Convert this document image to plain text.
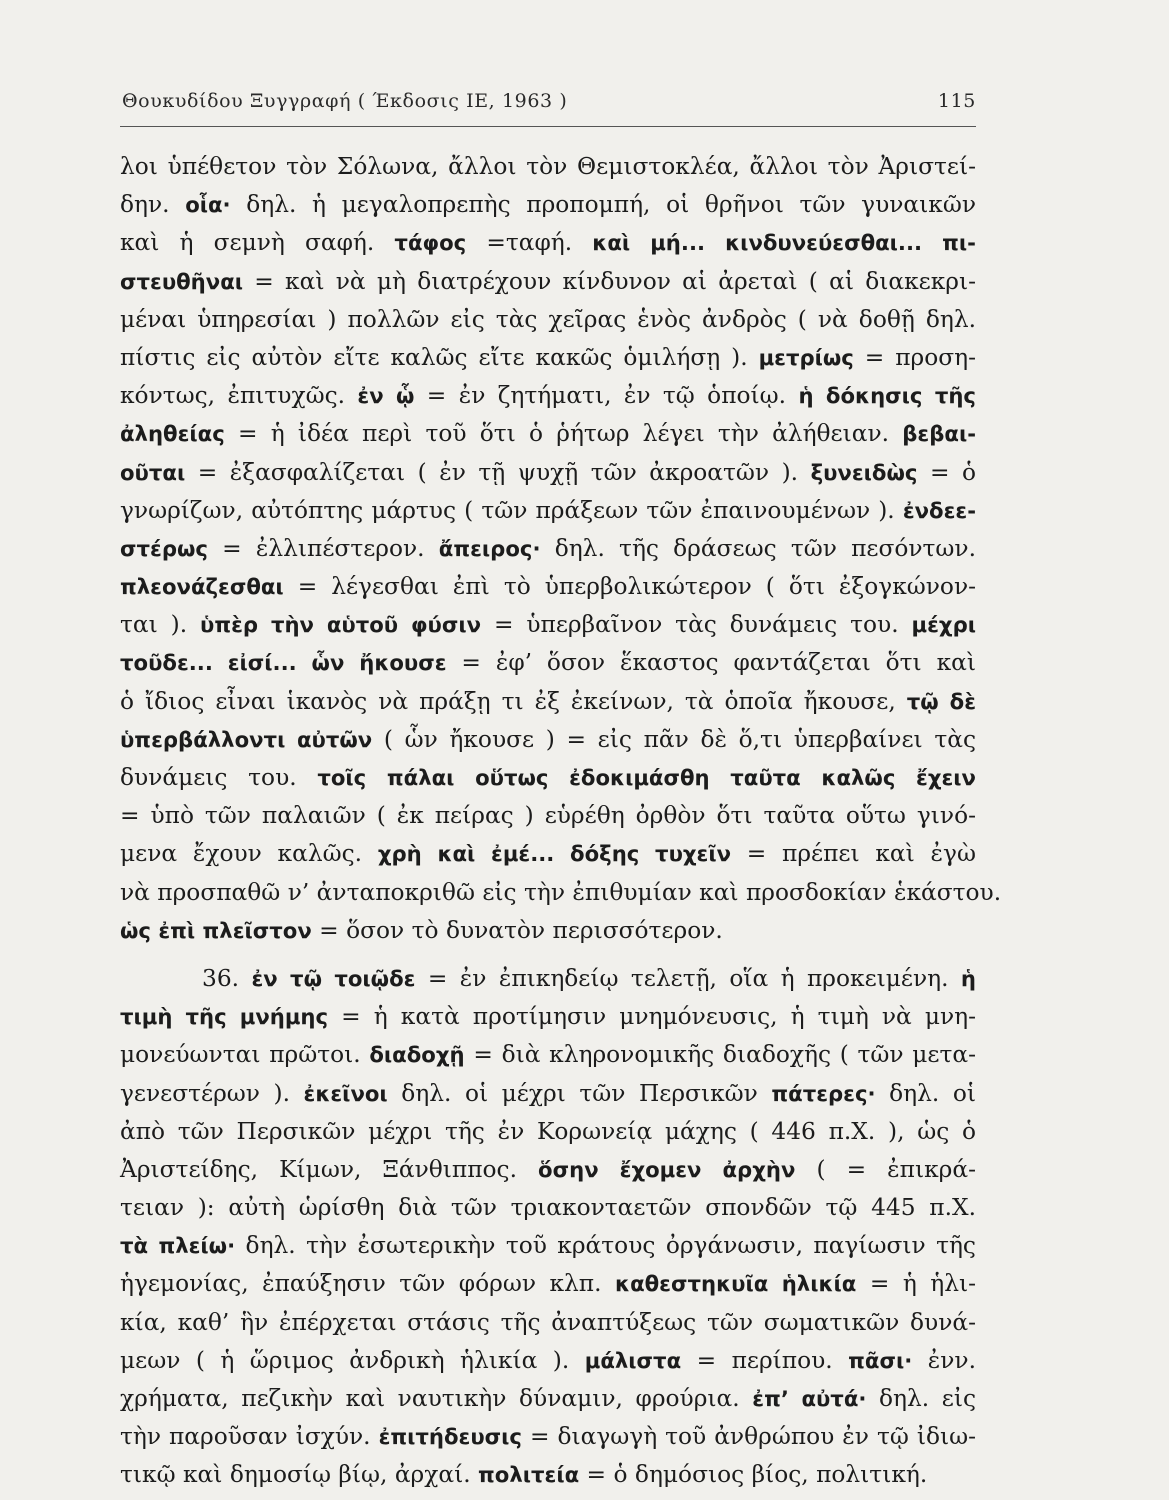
Θουκυδίδου Ξυγγραφή ( Έκδοσις ΙΕ, 1963 )	115
λοι ὑπέθετον τὸν Σόλωνα, ἄλλοι τὸν Θεμιστοκλέα, ἄλλοι τὸν Ἀριστεί-
δην. οἷα· δηλ. ἡ μεγαλοπρεπὴς προπομπή, οἱ θρῆνοι τῶν γυναικῶν
καὶ ἡ σεμνὴ σαφή. τάφος =ταφή. καὶ μή... κινδυνεύεσθαι... πι-
στευθῆναι = καὶ νὰ μὴ διατρέχουν κίνδυνον αἱ ἀρεταὶ ( αἱ διακεκρι-
μέναι ὑπηρεσίαι ) πολλῶν εἰς τὰς χεῖρας ἑνὸς ἀνδρὸς ( νὰ δοθῇ δηλ.
πίστις εἰς αὐτὸν εἴτε καλῶς εἴτε κακῶς ὁμιλήσῃ ). μετρίως = προση-
κόντως, ἐπιτυχῶς. ἐν ᾧ = ἐν ζητήματι, ἐν τῷ ὁποίῳ. ἡ δόκησις τῆς
ἀληθείας = ἡ ἰδέα περὶ τοῦ ὅτι ὁ ῥήτωρ λέγει τὴν ἀλήθειαν. βεβαι-
οῦται = ἐξασφαλίζεται ( ἐν τῇ ψυχῇ τῶν ἀκροατῶν ). ξυνειδὼς = ὁ
γνωρίζων, αὐτόπτης μάρτυς ( τῶν πράξεων τῶν ἐπαινουμένων ). ἐνδεε-
στέρως = ἐλλιπέστερον. ἄπειρος· δηλ. τῆς δράσεως τῶν πεσόντων.
πλεονάζεσθαι = λέγεσθαι ἐπὶ τὸ ὑπερβολικώτερον ( ὅτι ἐξογκώνον-
ται ). ὑπὲρ τὴν αὑτοῦ φύσιν = ὑπερβαῖνον τὰς δυνάμεις του. μέχρι
τοῦδε... εἰσί... ὧν ἤκουσε = ἐφ’ ὅσον ἕκαστος φαντάζεται ὅτι καὶ
ὁ ἴδιος εἶναι ἱκανὸς νὰ πράξῃ τι ἐξ ἐκείνων, τὰ ὁποῖα ἤκουσε, τῷ δὲ
ὑπερβάλλοντι αὐτῶν ( ὧν ἤκουσε ) = εἰς πᾶν δὲ ὅ,τι ὑπερβαίνει τὰς
δυνάμεις του. τοῖς πάλαι οὕτως ἐδοκιμάσθη ταῦτα καλῶς ἔχειν
= ὑπὸ τῶν παλαιῶν ( ἐκ πείρας ) εὑρέθη ὀρθὸν ὅτι ταῦτα οὕτω γινό-
μενα ἔχουν καλῶς. χρὴ καὶ ἐμέ... δόξης τυχεῖν = πρέπει καὶ ἐγὼ
νὰ προσπαθῶ ν’ ἀνταποκριθῶ εἰς τὴν ἐπιθυμίαν καὶ προσδοκίαν ἑκάστου.
ὡς ἐπὶ πλεῖστον = ὅσον τὸ δυνατὸν περισσότερον.
36. ἐν τῷ τοιῷδε = ἐν ἐπικηδείῳ τελετῇ, οἵα ἡ προκειμένη. ἡ
τιμὴ τῆς μνήμης = ἡ κατὰ προτίμησιν μνημόνευσις, ἡ τιμὴ νὰ μνη-
μονεύωνται πρῶτοι. διαδοχῇ = διὰ κληρονομικῆς διαδοχῆς ( τῶν μετα-
γενεστέρων ). ἐκεῖνοι δηλ. οἱ μέχρι τῶν Περσικῶν πάτερες· δηλ. οἱ
ἀπὸ τῶν Περσικῶν μέχρι τῆς ἐν Κορωνείᾳ μάχης ( 446 π.Χ. ), ὡς ὁ
Ἀριστείδης, Κίμων, Ξάνθιππος. ὅσην ἔχομεν ἀρχὴν ( = ἐπικρά-
τειαν ): αὐτὴ ὡρίσθη διὰ τῶν τριακονταετῶν σπονδῶν τῷ 445 π.Χ.
τὰ πλείω· δηλ. τὴν ἐσωτερικὴν τοῦ κράτους ὀργάνωσιν, παγίωσιν τῆς
ἡγεμονίας, ἐπαύξησιν τῶν φόρων κλπ. καθεστηκυῖα ἡλικία = ἡ ἡλι-
κία, καθ’ ἣν ἐπέρχεται στάσις τῆς ἀναπτύξεως τῶν σωματικῶν δυνά-
μεων ( ἡ ὥριμος ἀνδρικὴ ἡλικία ). μάλιστα = περίπου. πᾶσι· ἐνν.
χρήματα, πεζικὴν καὶ ναυτικὴν δύναμιν, φρούρια. ἐπ’ αὐτά· δηλ. εἰς
τὴν παροῦσαν ἰσχύν. ἐπιτήδευσις = διαγωγὴ τοῦ ἀνθρώπου ἐν τῷ ἰδιω-
τικῷ καὶ δημοσίῳ βίῳ, ἀρχαί. πολιτεία = ὁ δημόσιος βίος, πολιτική.
